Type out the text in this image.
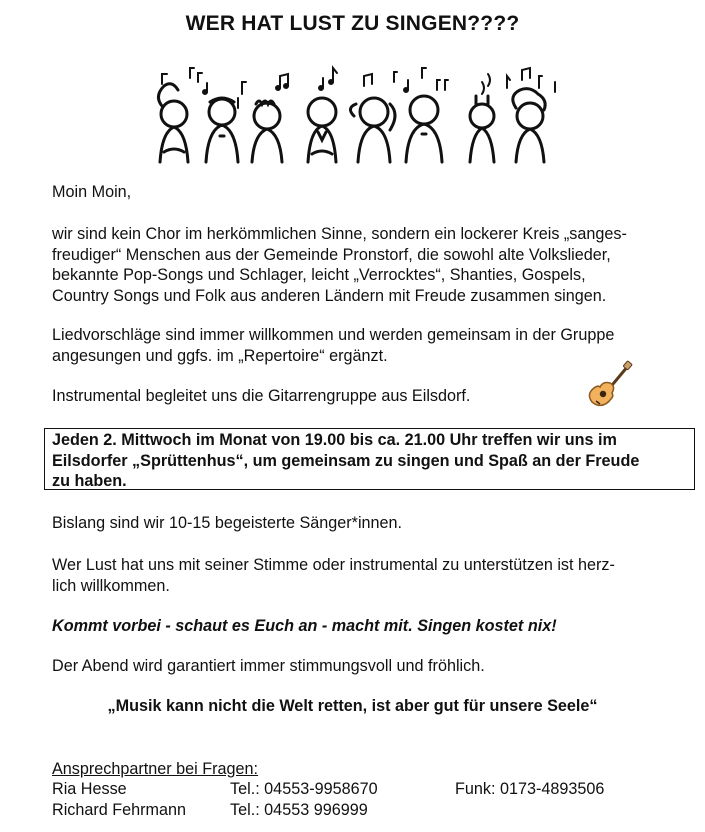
WER HAT LUST ZU SINGEN????
Moin Moin,
wir sind kein Chor im herkömmlichen Sinne, sondern ein lockerer Kreis „sanges-
freudiger“ Menschen aus der Gemeinde Pronstorf, die sowohl alte Volkslieder,
bekannte Pop-Songs und Schlager, leicht „Verrocktes“, Shanties, Gospels,
Country Songs und Folk aus anderen Ländern mit Freude zusammen singen.
Liedvorschläge sind immer willkommen und werden gemeinsam in der Gruppe
angesungen und ggfs. im „Repertoire“ ergänzt.
Instrumental begleitet uns die Gitarrengruppe aus Eilsdorf.
Jeden 2. Mittwoch im Monat von 19.00 bis ca. 21.00 Uhr treffen wir uns im
Eilsdorfer „Sprüttenhus“, um gemeinsam zu singen und Spaß an der Freude
zu haben.
Bislang sind wir 10-15 begeisterte Sänger*innen.
Wer Lust hat uns mit seiner Stimme oder instrumental zu unterstützen ist herz-
lich willkommen.
Kommt vorbei - schaut es Euch an - macht mit. Singen kostet nix!
Der Abend wird garantiert immer stimmungsvoll und fröhlich.
„Musik kann nicht die Welt retten, ist aber gut für unsere Seele“
Ansprechpartner bei Fragen:
Ria Hesse	Tel.: 04553-9958670	Funk: 0173-4893506
Richard Fehrmann	Tel.: 04553 996999
